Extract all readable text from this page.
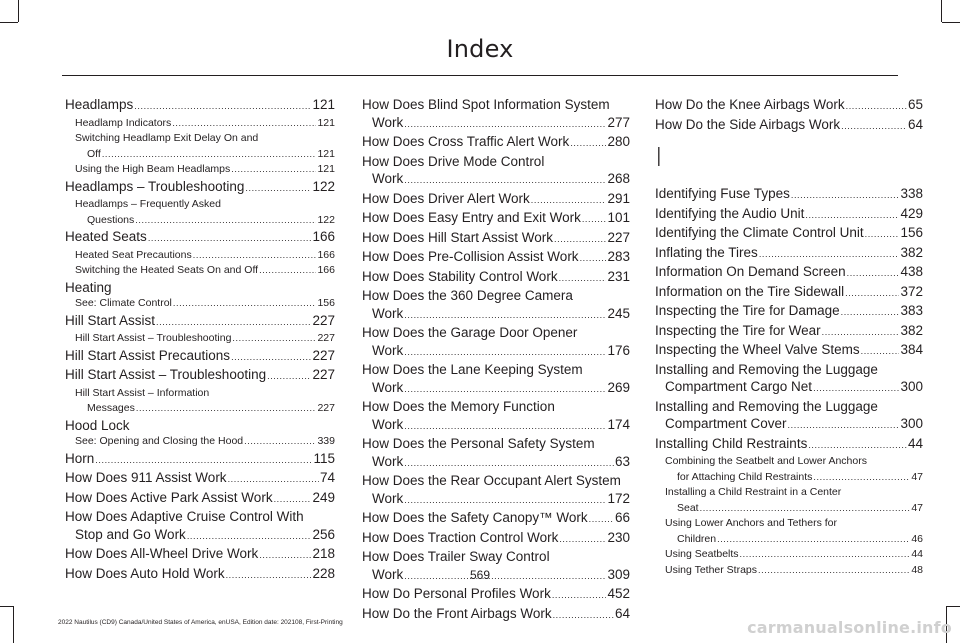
Index
Headlamps .....	121
Headlamp Indicators .....	121
Switching Headlamp Exit Delay On and
Off .....	121
Using the High Beam Headlamps .....	121
Headlamps – Troubleshooting .....	122
Headlamps – Frequently Asked
Questions .....	122
Heated Seats .....	166
Heated Seat Precautions .....	166
Switching the Heated Seats On and Off .....	166
Heating
See: Climate Control .....	156
Hill Start Assist .....	227
Hill Start Assist – Troubleshooting .....	227
Hill Start Assist Precautions .....	227
Hill Start Assist – Troubleshooting .....	227
Hill Start Assist – Information
Messages .....	227
Hood Lock
See: Opening and Closing the Hood .....	339
Horn .....	115
How Does 911 Assist Work .....	74
How Does Active Park Assist Work .....	249
How Does Adaptive Cruise Control With
Stop and Go Work .....	256
How Does All-Wheel Drive Work .....	218
How Does Auto Hold Work .....	228
How Does Blind Spot Information System
Work .....	277
How Does Cross Traffic Alert Work .....	280
How Does Drive Mode Control
Work .....	268
How Does Driver Alert Work .....	291
How Does Easy Entry and Exit Work ..... 101
How Does Hill Start Assist Work .....	227
How Does Pre-Collision Assist Work ..... 283
How Does Stability Control Work .....	231
How Does the 360 Degree Camera
Work .....	245
How Does the Garage Door Opener
Work .....	176
How Does the Lane Keeping System
Work .....	269
How Does the Memory Function
Work .....	174
How Does the Personal Safety System
Work .....	63
How Does the Rear Occupant Alert System
Work .....	172
How Does the Safety Canopy™ Work ..... 66
How Does Traction Control Work .....	230
How Does Trailer Sway Control
Work .....	309
How Do Personal Profiles Work .....	452
How Do the Front Airbags Work .....	64
How Do the Knee Airbags Work .....	65
How Do the Side Airbags Work .....	64
I
Identifying Fuse Types .....	338
Identifying the Audio Unit .....	429
Identifying the Climate Control Unit .....	156
Inflating the Tires .....	382
Information On Demand Screen .....	438
Information on the Tire Sidewall .....	372
Inspecting the Tire for Damage .....	383
Inspecting the Tire for Wear .....	382
Inspecting the Wheel Valve Stems .....	384
Installing and Removing the Luggage
Compartment Cargo Net .....	300
Installing and Removing the Luggage
Compartment Cover .....	300
Installing Child Restraints .....	44
Combining the Seatbelt and Lower Anchors
for Attaching Child Restraints .....	47
Installing a Child Restraint in a Center
Seat .....	47
Using Lower Anchors and Tethers for
Children .....	46
Using Seatbelts .....	44
Using Tether Straps .....	48
569
2022 Nautilus (CD9) Canada/United States of America, enUSA, Edition date: 202108, First-Printing	carmanualsonline.info
